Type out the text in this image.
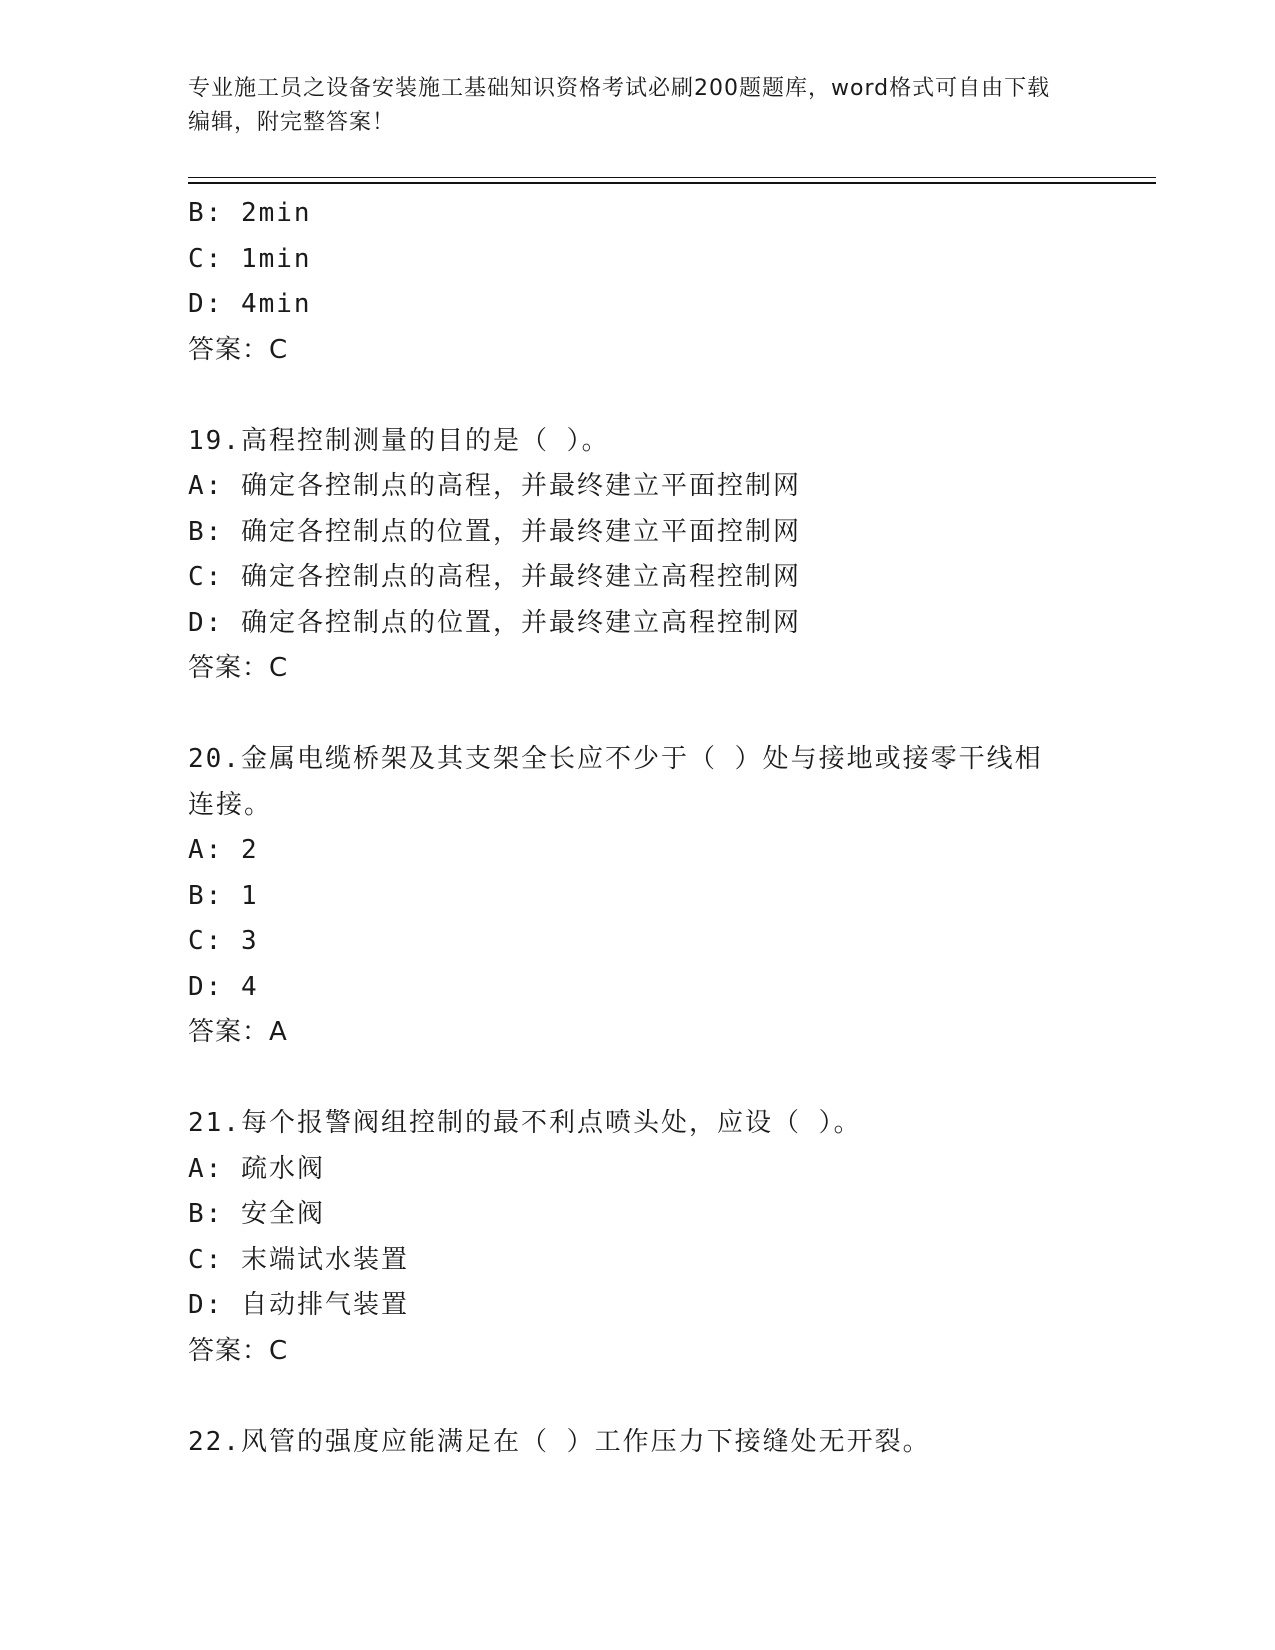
专业施工员之设备安装施工基础知识资格考试必刷200题题库，word格式可自由下载编辑，附完整答案！
B: 2min
C: 1min
D: 4min
答案：C
19.高程控制测量的目的是（ ）。
A: 确定各控制点的高程，并最终建立平面控制网
B: 确定各控制点的位置，并最终建立平面控制网
C: 确定各控制点的高程，并最终建立高程控制网
D: 确定各控制点的位置，并最终建立高程控制网
答案：C
20.金属电缆桥架及其支架全长应不少于（ ）处与接地或接零干线相连接。
A: 2
B: 1
C: 3
D: 4
答案：A
21.每个报警阀组控制的最不利点喷头处，应设（ ）。
A: 疏水阀
B: 安全阀
C: 末端试水装置
D: 自动排气装置
答案：C
22.风管的强度应能满足在（ ）工作压力下接缝处无开裂。
